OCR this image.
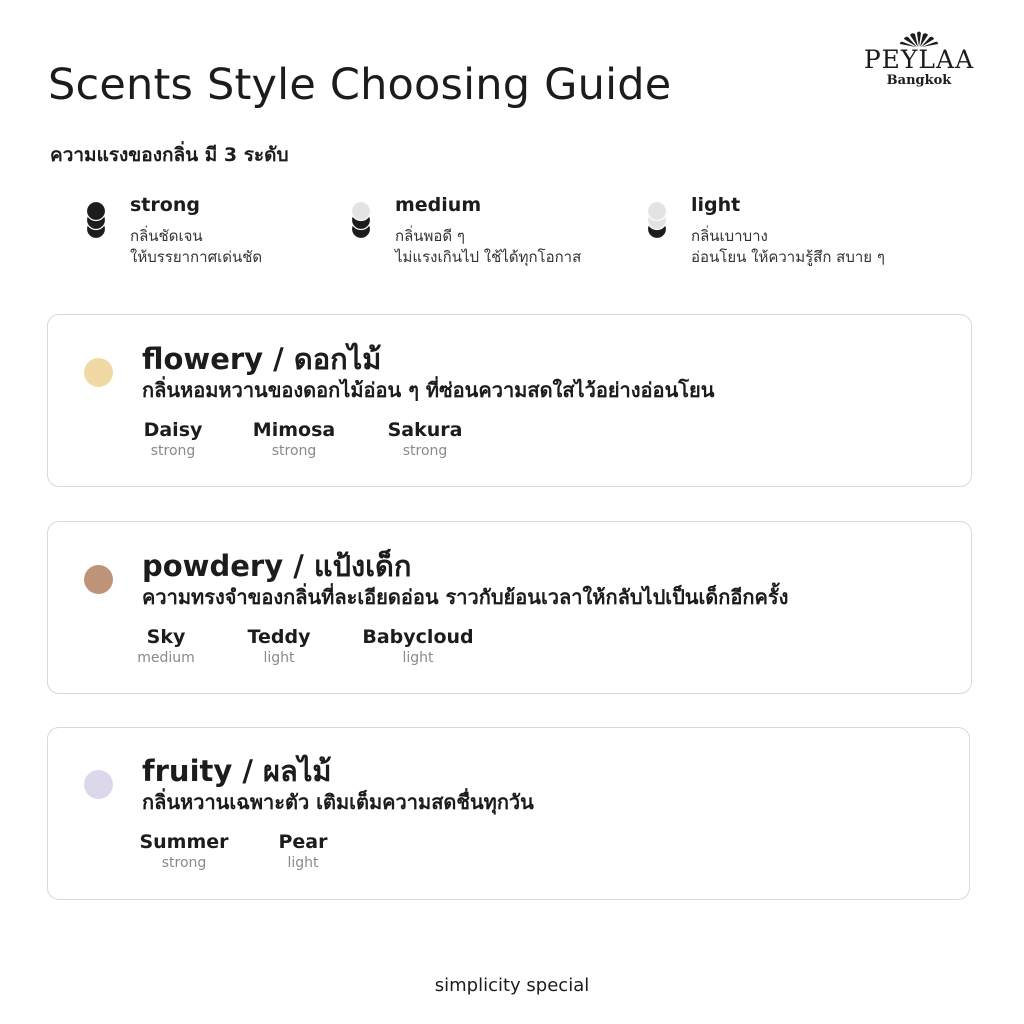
Scents Style Choosing Guide
PEYLAA
Bangkok
ความแรงของกลิ่น มี 3 ระดับ
strong
กลิ่นชัดเจน
ให้บรรยากาศเด่นชัด
medium
กลิ่นพอดี ๆ
ไม่แรงเกินไป ใช้ได้ทุกโอกาส
light
กลิ่นเบาบาง
อ่อนโยน ให้ความรู้สึก สบาย ๆ
flowery / ดอกไม้
กลิ่นหอมหวานของดอกไม้อ่อน ๆ ที่ซ่อนความสดใสไว้อย่างอ่อนโยน
Daisy
strong
Mimosa
strong
Sakura
strong
powdery / แป้งเด็ก
ความทรงจำของกลิ่นที่ละเอียดอ่อน ราวกับย้อนเวลาให้กลับไปเป็นเด็กอีกครั้ง
Sky
medium
Teddy
light
Babycloud
light
fruity / ผลไม้
กลิ่นหวานเฉพาะตัว เติมเต็มความสดชื่นทุกวัน
Summer
strong
Pear
light
simplicity special
